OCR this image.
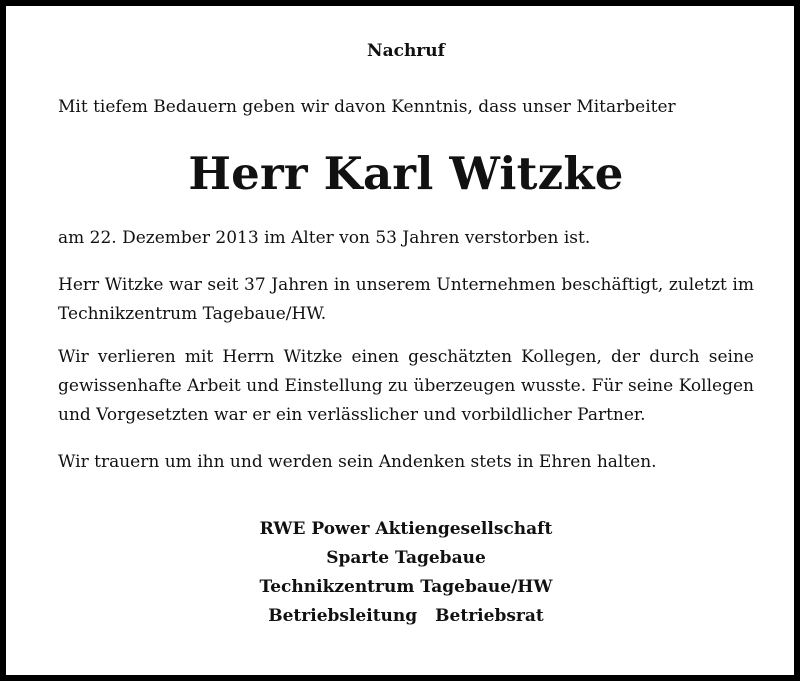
Nachruf

Mit tiefem Bedauern geben wir davon Kenntnis, dass unser Mitarbeiter

Herr Karl Witzke

am 22. Dezember 2013 im Alter von 53 Jahren verstorben ist.

Herr Witzke war seit 37 Jahren in unserem Unternehmen beschäftigt, zuletzt im Technikzentrum Tagebaue/HW.

Wir verlieren mit Herrn Witzke einen geschätzten Kollegen, der durch seine gewissenhafte Arbeit und Einstellung zu überzeugen wusste. Für seine Kollegen und Vorgesetzten war er ein verlässlicher und vorbildlicher Partner.

Wir trauern um ihn und werden sein Andenken stets in Ehren halten.

RWE Power Aktiengesellschaft
Sparte Tagebaue
Technikzentrum Tagebaue/HW
Betriebsleitung Betriebsrat
